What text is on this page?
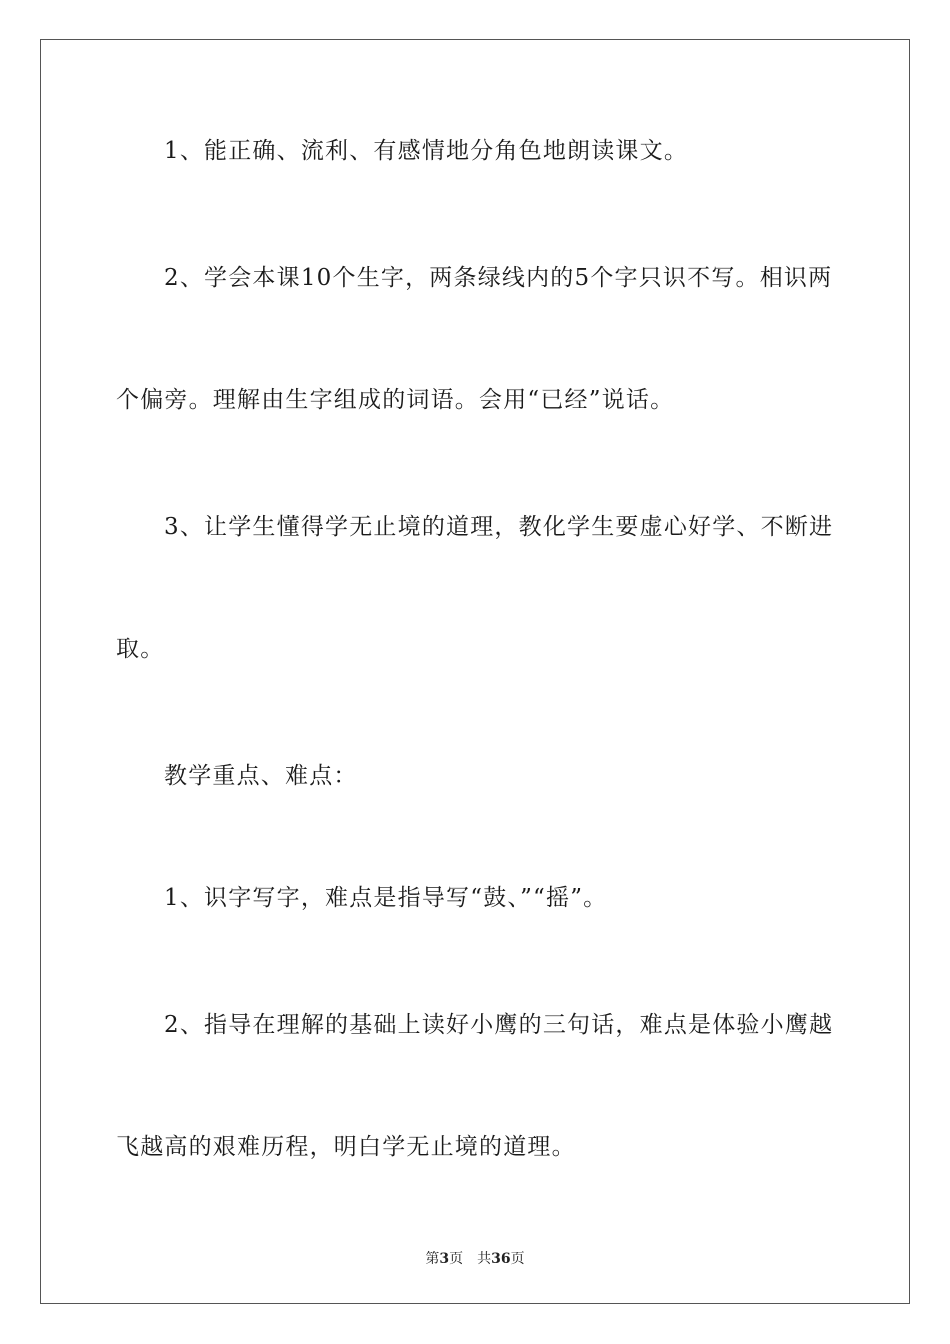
1、能正确、流利、有感情地分角色地朗读课文。
2、学会本课10个生字，两条绿线内的5个字只识不写。相识两
个偏旁。理解由生字组成的词语。会用“已经”说话。
3、让学生懂得学无止境的道理，教化学生要虚心好学、不断进
取。
教学重点、难点：
1、识字写字，难点是指导写“鼓、”“摇”。
2、指导在理解的基础上读好小鹰的三句话，难点是体验小鹰越
飞越高的艰难历程，明白学无止境的道理。
第3页 共36页
